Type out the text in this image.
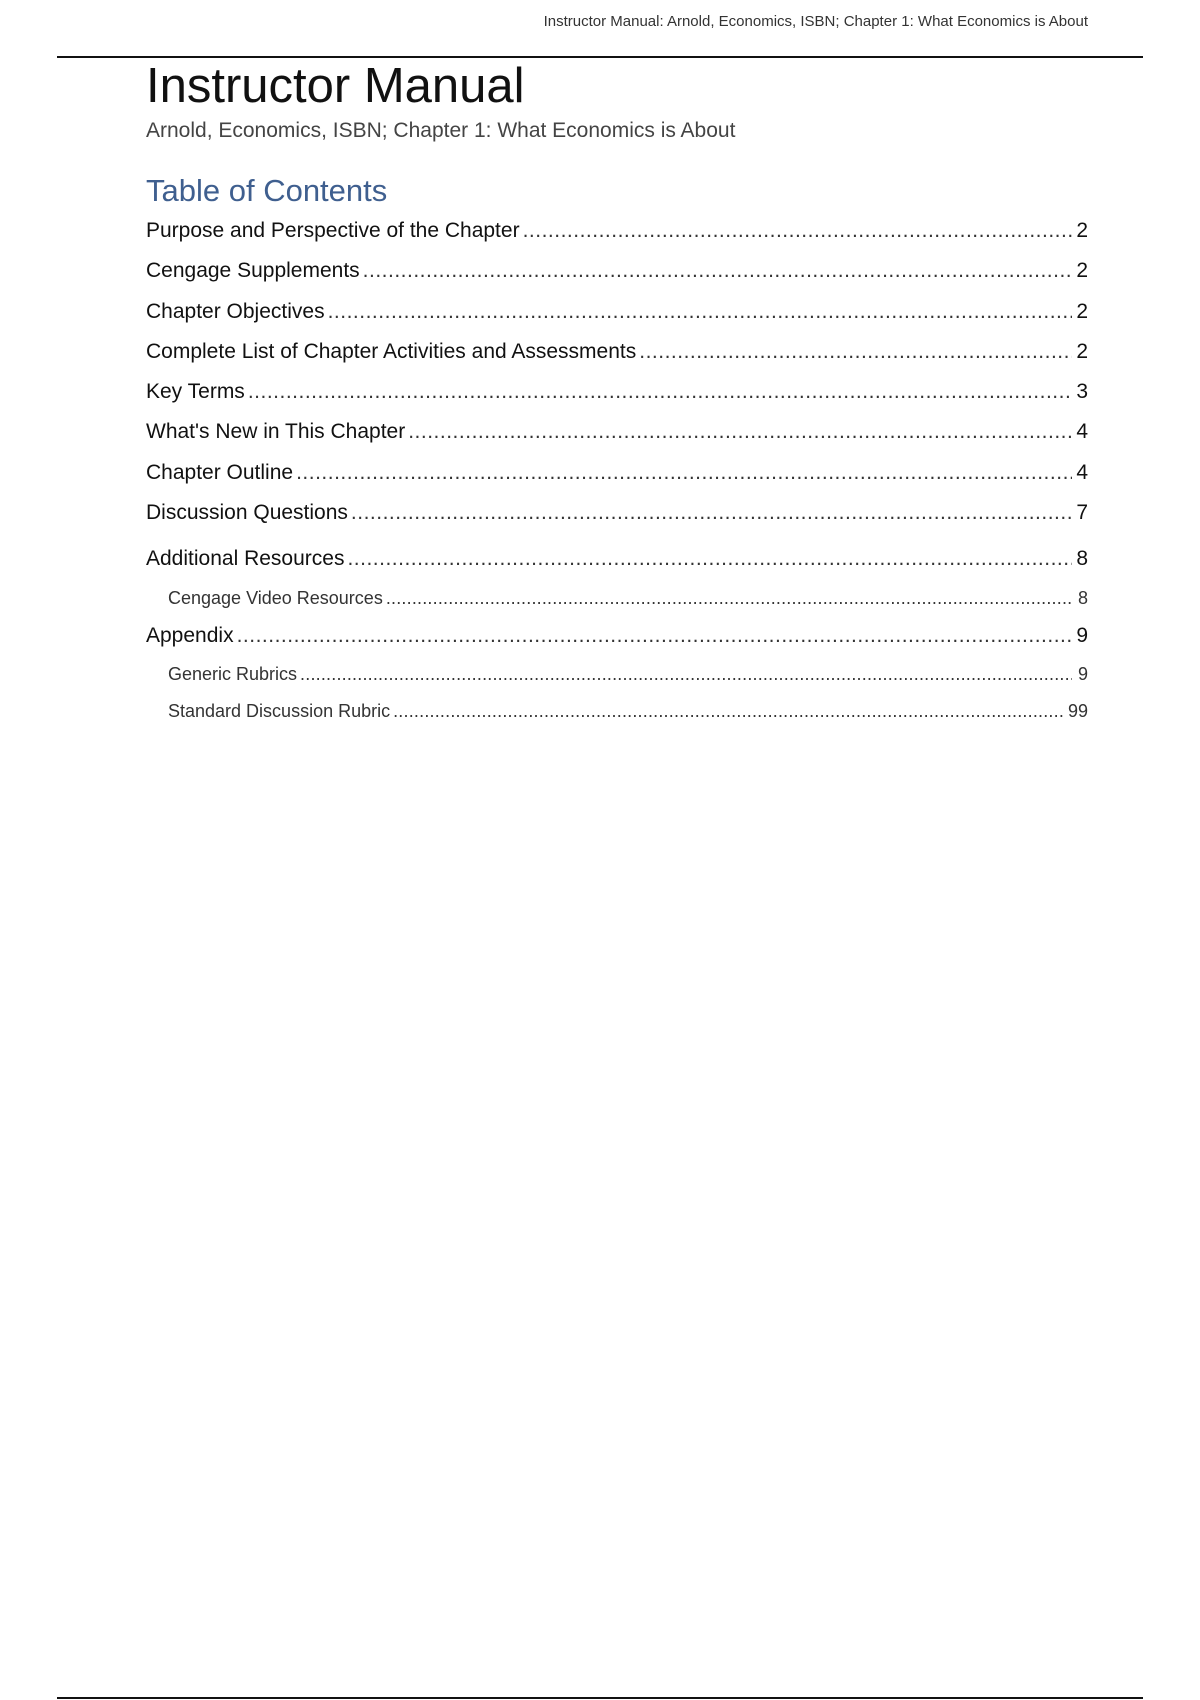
Instructor Manual: Arnold, Economics, ISBN; Chapter 1: What Economics is About
Instructor Manual

Arnold, Economics, ISBN; Chapter 1: What Economics is About

Table of Contents
Purpose and Perspective of the Chapter .....	2
Cengage Supplements .....	2
Chapter Objectives .....	2
Complete List of Chapter Activities and Assessments .....	2
Key Terms .....	3
What's New in This Chapter .....	4
Chapter Outline .....	4
Discussion Questions .....	7
Additional Resources .....	8
Cengage Video Resources .....	8
Appendix .....	9
Generic Rubrics .....	9
Standard Discussion Rubric .....	99
